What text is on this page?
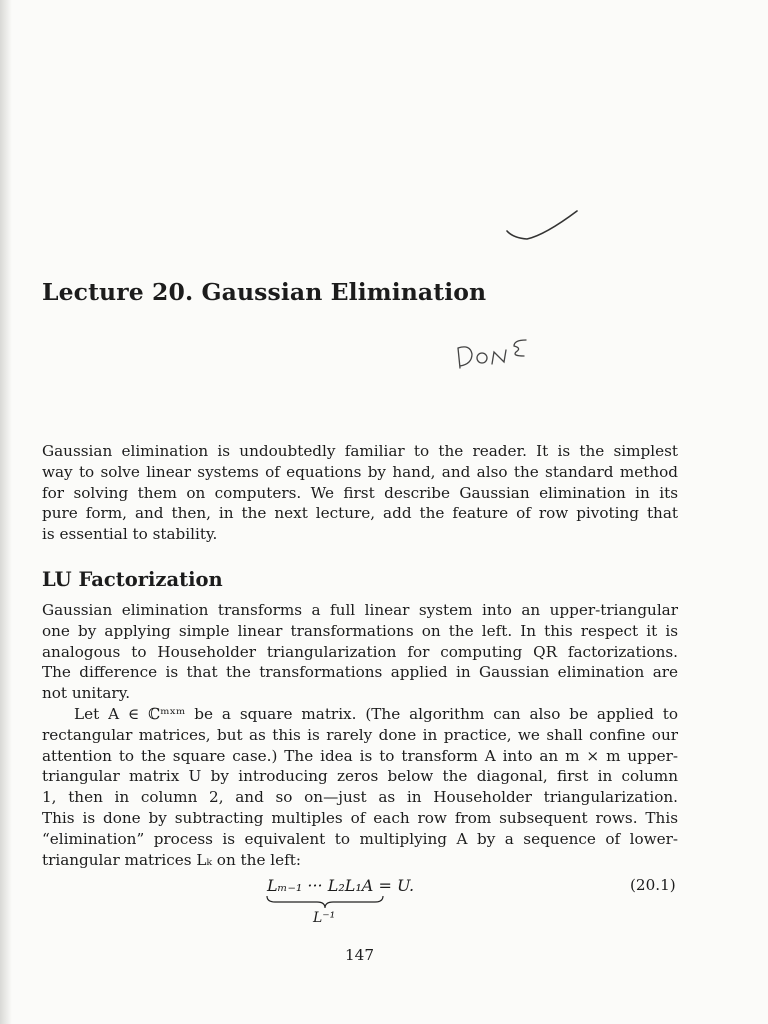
Lecture 20. Gaussian Elimination
Gaussian elimination is undoubtedly familiar to the reader. It is the simplest
way to solve linear systems of equations by hand, and also the standard method
for solving them on computers. We first describe Gaussian elimination in its
pure form, and then, in the next lecture, add the feature of row pivoting that
is essential to stability.
LU Factorization
Gaussian elimination transforms a full linear system into an upper-triangular
one by applying simple linear transformations on the left. In this respect it is
analogous to Householder triangularization for computing QR factorizations.
The difference is that the transformations applied in Gaussian elimination are
not unitary.
Let A ∈ ℂᵐˣᵐ be a square matrix. (The algorithm can also be applied to
rectangular matrices, but as this is rarely done in practice, we shall confine our
attention to the square case.) The idea is to transform A into an m × m upper-
triangular matrix U by introducing zeros below the diagonal, first in column
1, then in column 2, and so on—just as in Householder triangularization.
This is done by subtracting multiples of each row from subsequent rows. This
“elimination” process is equivalent to multiplying A by a sequence of lower-
triangular matrices Lₖ on the left:
Lₘ₋₁ ··· L₂L₁A = U.
L⁻¹
(20.1)
147
